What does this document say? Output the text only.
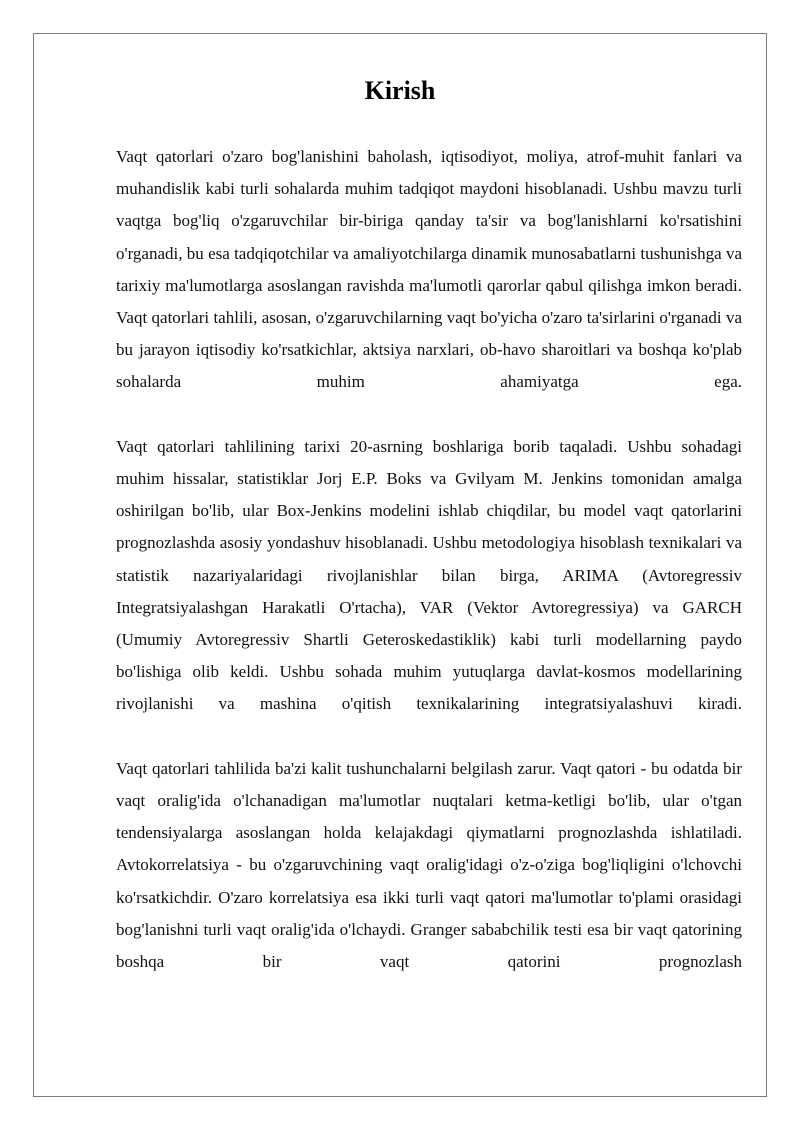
Kirish

Vaqt qatorlari o'zaro bog'lanishini baholash, iqtisodiyot, moliya, atrof-muhit fanlari va muhandislik kabi turli sohalarda muhim tadqiqot maydoni hisoblanadi. Ushbu mavzu turli vaqtga bog'liq o'zgaruvchilar bir-biriga qanday ta'sir va bog'lanishlarni ko'rsatishini o'rganadi, bu esa tadqiqotchilar va amaliyotchilarga dinamik munosabatlarni tushunishga va tarixiy ma'lumotlarga asoslangan ravishda ma'lumotli qarorlar qabul qilishga imkon beradi. Vaqt qatorlari tahlili, asosan, o'zgaruvchilarning vaqt bo'yicha o'zaro ta'sirlarini o'rganadi va bu jarayon iqtisodiy ko'rsatkichlar, aktsiya narxlari, ob-havo sharoitlari va boshqa ko'plab sohalarda muhim ahamiyatga ega.

Vaqt qatorlari tahlilining tarixi 20-asrning boshlariga borib taqaladi. Ushbu sohadagi muhim hissalar, statistiklar Jorj E.P. Boks va Gvilyam M. Jenkins tomonidan amalga oshirilgan bo'lib, ular Box-Jenkins modelini ishlab chiqdilar, bu model vaqt qatorlarini prognozlashda asosiy yondashuv hisoblanadi. Ushbu metodologiya hisoblash texnikalari va statistik nazariyalaridagi rivojlanishlar bilan birga, ARIMA (Avtoregressiv Integratsiyalashgan Harakatli O'rtacha), VAR (Vektor Avtoregressiya) va GARCH (Umumiy Avtoregressiv Shartli Geteroskedastiklik) kabi turli modellarning paydo bo'lishiga olib keldi. Ushbu sohada muhim yutuqlarga davlat-kosmos modellarining rivojlanishi va mashina o'qitish texnikalarining integratsiyalashuvi kiradi.

Vaqt qatorlari tahlilida ba'zi kalit tushunchalarni belgilash zarur. Vaqt qatori - bu odatda bir vaqt oralig'ida o'lchanadigan ma'lumotlar nuqtalari ketma-ketligi bo'lib, ular o'tgan tendensiyalarga asoslangan holda kelajakdagi qiymatlarni prognozlashda ishlatiladi. Avtokorrelatsiya - bu o'zgaruvchining vaqt oralig'idagi o'z-o'ziga bog'liqligini o'lchovchi ko'rsatkichdir. O'zaro korrelatsiya esa ikki turli vaqt qatori ma'lumotlar to'plami orasidagi bog'lanishni turli vaqt oralig'ida o'lchaydi. Granger sababchilik testi esa bir vaqt qatorining boshqa bir vaqt qatorini prognozlash
